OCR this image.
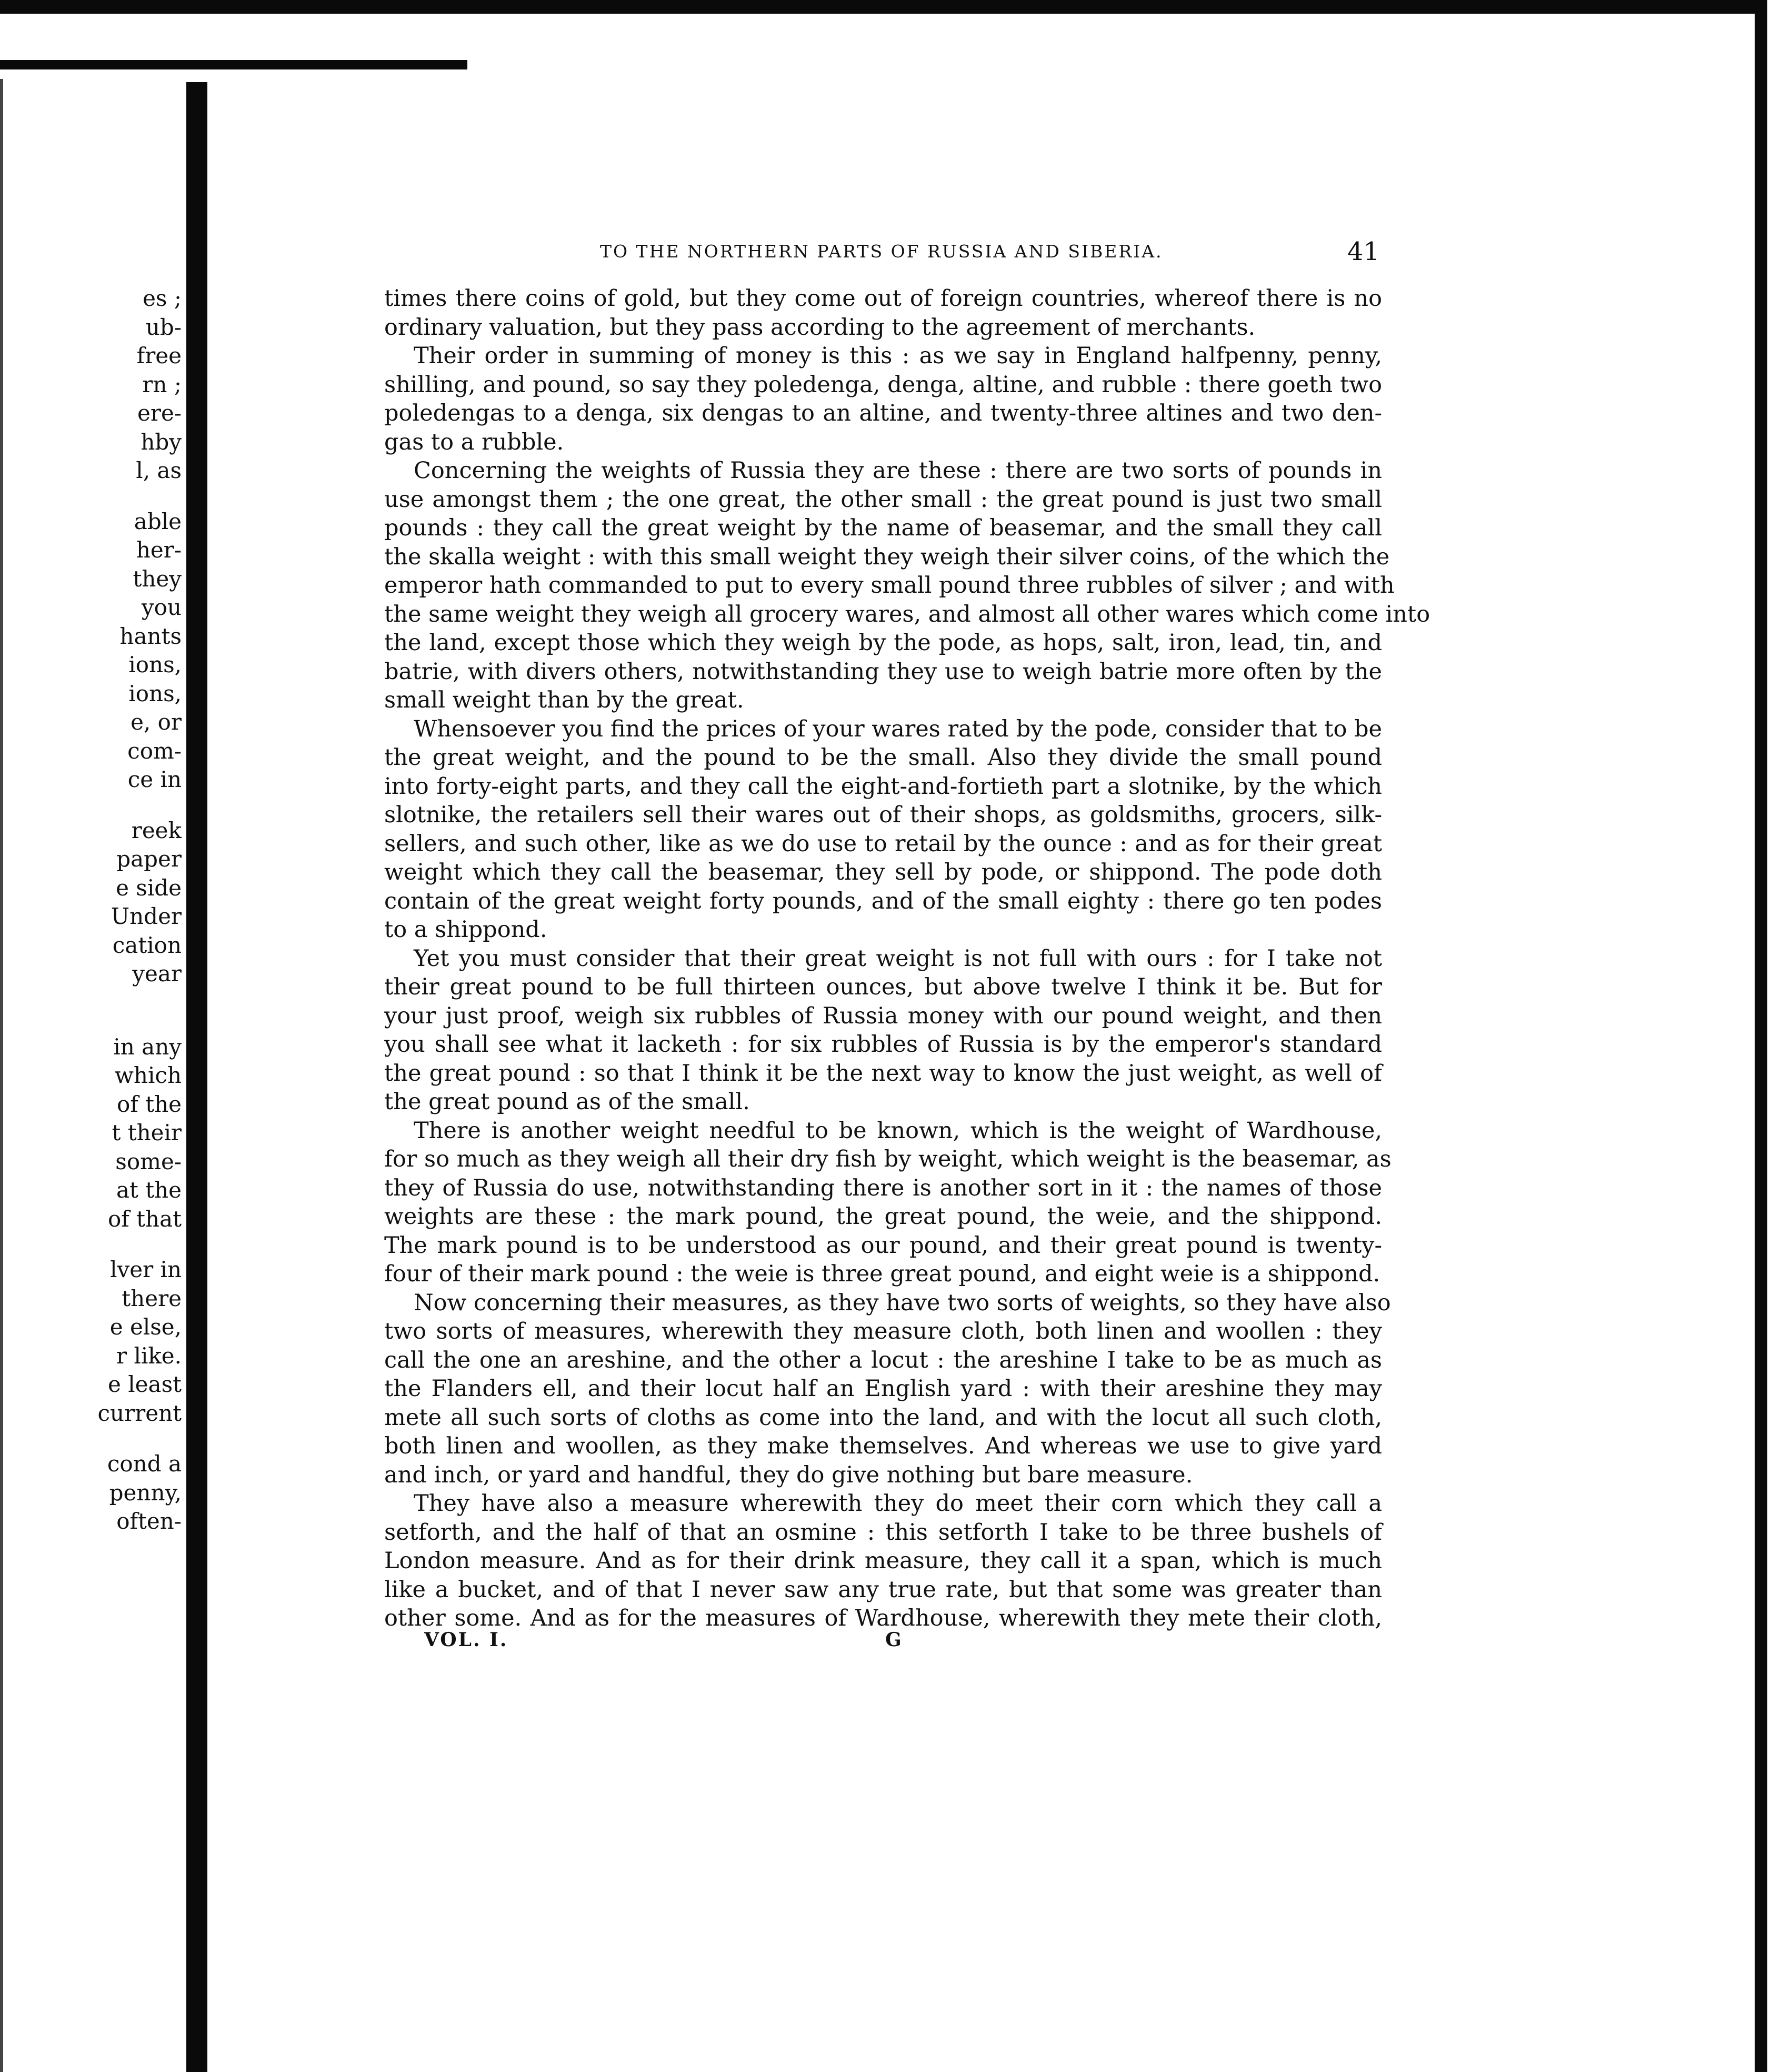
es ;
ub-
free
rn ;
ere-
hby
l, as
able
her-
they
you
hants
ions,
ions,
e, or
com-
ce in
reek
paper
e side
Under
cation
year
in any
which
of the
t their
some-
at the
of that
lver in
there
e else,
r like.
e least
current
cond a
penny,
often-
TO THE NORTHERN PARTS OF RUSSIA AND SIBERIA.	41
times there coins of gold, but they come out of foreign countries, whereof there is no
ordinary valuation, but they pass according to the agreement of merchants.
Their order in summing of money is this : as we say in England halfpenny, penny,
shilling, and pound, so say they poledenga, denga, altine, and rubble : there goeth two
poledengas to a denga, six dengas to an altine, and twenty-three altines and two den-
gas to a rubble.
Concerning the weights of Russia they are these : there are two sorts of pounds in
use amongst them ; the one great, the other small : the great pound is just two small
pounds : they call the great weight by the name of beasemar, and the small they call
the skalla weight : with this small weight they weigh their silver coins, of the which the
emperor hath commanded to put to every small pound three rubbles of silver ; and with
the same weight they weigh all grocery wares, and almost all other wares which come into
the land, except those which they weigh by the pode, as hops, salt, iron, lead, tin, and
batrie, with divers others, notwithstanding they use to weigh batrie more often by the
small weight than by the great.
Whensoever you find the prices of your wares rated by the pode, consider that to be
the great weight, and the pound to be the small. Also they divide the small pound
into forty-eight parts, and they call the eight-and-fortieth part a slotnike, by the which
slotnike, the retailers sell their wares out of their shops, as goldsmiths, grocers, silk-
sellers, and such other, like as we do use to retail by the ounce : and as for their great
weight which they call the beasemar, they sell by pode, or shippond. The pode doth
contain of the great weight forty pounds, and of the small eighty : there go ten podes
to a shippond.
Yet you must consider that their great weight is not full with ours : for I take not
their great pound to be full thirteen ounces, but above twelve I think it be. But for
your just proof, weigh six rubbles of Russia money with our pound weight, and then
you shall see what it lacketh : for six rubbles of Russia is by the emperor's standard
the great pound : so that I think it be the next way to know the just weight, as well of
the great pound as of the small.
There is another weight needful to be known, which is the weight of Wardhouse,
for so much as they weigh all their dry fish by weight, which weight is the beasemar, as
they of Russia do use, notwithstanding there is another sort in it : the names of those
weights are these : the mark pound, the great pound, the weie, and the shippond.
The mark pound is to be understood as our pound, and their great pound is twenty-
four of their mark pound : the weie is three great pound, and eight weie is a shippond.
Now concerning their measures, as they have two sorts of weights, so they have also
two sorts of measures, wherewith they measure cloth, both linen and woollen : they
call the one an areshine, and the other a locut : the areshine I take to be as much as
the Flanders ell, and their locut half an English yard : with their areshine they may
mete all such sorts of cloths as come into the land, and with the locut all such cloth,
both linen and woollen, as they make themselves. And whereas we use to give yard
and inch, or yard and handful, they do give nothing but bare measure.
They have also a measure wherewith they do meet their corn which they call a
setforth, and the half of that an osmine : this setforth I take to be three bushels of
London measure. And as for their drink measure, they call it a span, which is much
like a bucket, and of that I never saw any true rate, but that some was greater than
other some. And as for the measures of Wardhouse, wherewith they mete their cloth,
VOL. I.	G
